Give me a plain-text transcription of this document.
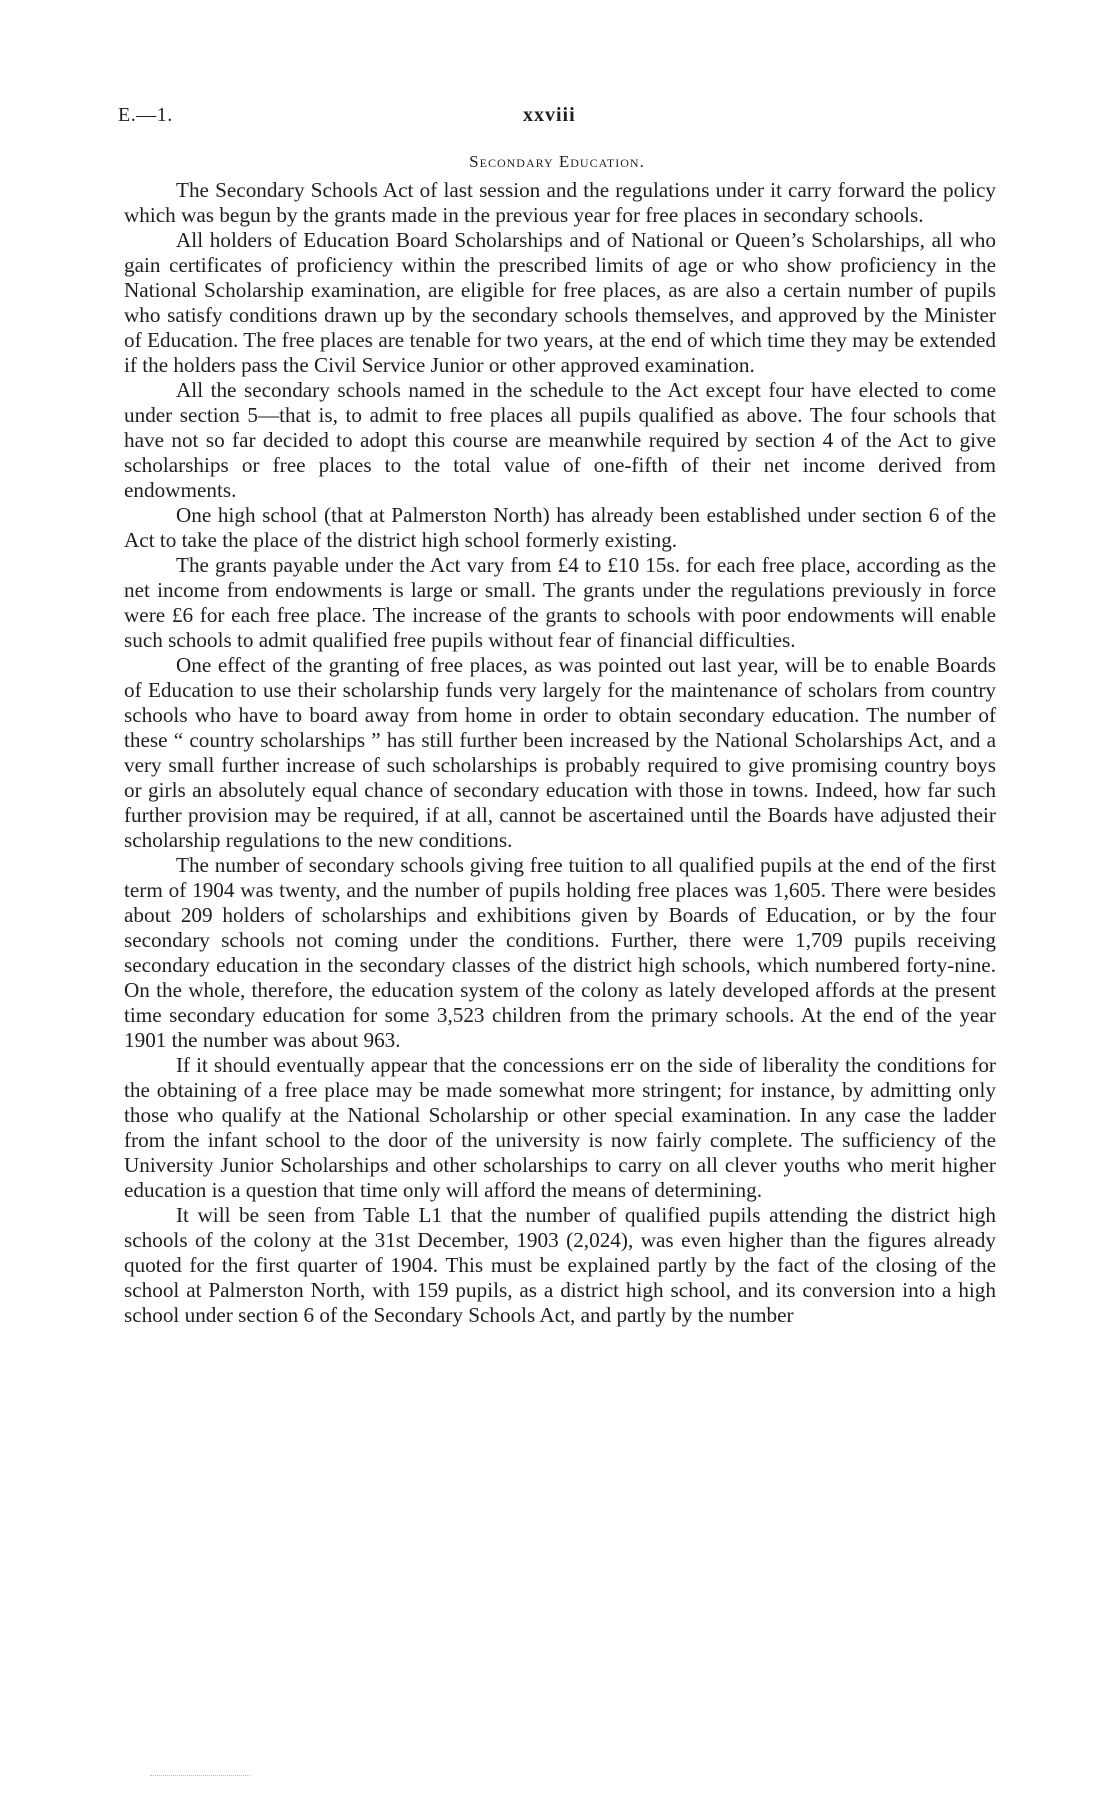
E.—1.	xxviii
Secondary Education.

The Secondary Schools Act of last session and the regulations under it carry forward the policy which was begun by the grants made in the previous year for free places in secondary schools.

All holders of Education Board Scholarships and of National or Queen’s Scholarships, all who gain certificates of proficiency within the prescribed limits of age or who show proficiency in the National Scholarship examination, are eligible for free places, as are also a certain number of pupils who satisfy conditions drawn up by the secondary schools themselves, and approved by the Minister of Education. The free places are tenable for two years, at the end of which time they may be extended if the holders pass the Civil Service Junior or other approved examination.

All the secondary schools named in the schedule to the Act except four have elected to come under section 5—that is, to admit to free places all pupils qualified as above. The four schools that have not so far decided to adopt this course are meanwhile required by section 4 of the Act to give scholarships or free places to the total value of one-fifth of their net income derived from endowments.

One high school (that at Palmerston North) has already been established under section 6 of the Act to take the place of the district high school formerly existing.

The grants payable under the Act vary from £4 to £10 15s. for each free place, according as the net income from endowments is large or small. The grants under the regulations previously in force were £6 for each free place. The increase of the grants to schools with poor endowments will enable such schools to admit qualified free pupils without fear of financial difficulties.

One effect of the granting of free places, as was pointed out last year, will be to enable Boards of Education to use their scholarship funds very largely for the maintenance of scholars from country schools who have to board away from home in order to obtain secondary education. The number of these “ country scholarships ” has still further been increased by the National Scholarships Act, and a very small further increase of such scholarships is probably required to give promising country boys or girls an absolutely equal chance of secondary education with those in towns. Indeed, how far such further provision may be required, if at all, cannot be ascertained until the Boards have adjusted their scholarship regulations to the new conditions.

The number of secondary schools giving free tuition to all qualified pupils at the end of the first term of 1904 was twenty, and the number of pupils holding free places was 1,605. There were besides about 209 holders of scholarships and exhibitions given by Boards of Education, or by the four secondary schools not coming under the conditions. Further, there were 1,709 pupils receiving secondary education in the secondary classes of the district high schools, which numbered forty-nine. On the whole, therefore, the education system of the colony as lately developed affords at the present time secondary education for some 3,523 children from the primary schools. At the end of the year 1901 the number was about 963.

If it should eventually appear that the concessions err on the side of liberality the conditions for the obtaining of a free place may be made somewhat more stringent; for instance, by admitting only those who qualify at the National Scholarship or other special examination. In any case the ladder from the infant school to the door of the university is now fairly complete. The sufficiency of the University Junior Scholarships and other scholarships to carry on all clever youths who merit higher education is a question that time only will afford the means of determining.

It will be seen from Table L1 that the number of qualified pupils attending the district high schools of the colony at the 31st December, 1903 (2,024), was even higher than the figures already quoted for the first quarter of 1904. This must be explained partly by the fact of the closing of the school at Palmerston North, with 159 pupils, as a district high school, and its conversion into a high school under section 6 of the Secondary Schools Act, and partly by the number
